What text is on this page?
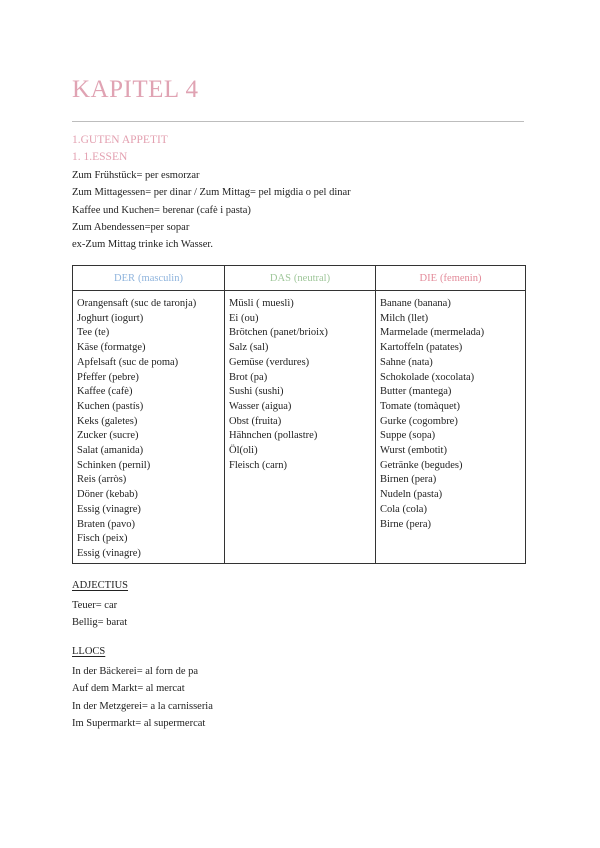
KAPITEL 4
1.GUTEN APPETIT
1. 1.ESSEN
Zum Frühstück= per esmorzar
Zum Mittagessen= per dinar / Zum Mittag= pel migdia o pel dinar
Kaffee und Kuchen= berenar (cafè i pasta)
Zum Abendessen=per sopar
ex-Zum Mittag trinke ich Wasser.
DER (masculin)	DAS (neutral)	DIE (femenin)
Orangensaft (suc de taronja)
Joghurt (iogurt)
Tee (te)
Käse (formatge)
Apfelsaft (suc de poma)
Pfeffer (pebre)
Kaffee (cafè)
Kuchen (pastís)
Keks (galetes)
Zucker (sucre)
Salat (amanida)
Schinken (pernil)
Reis (arròs)
Döner (kebab)
Essig (vinagre)
Braten (pavo)
Fisch (peix)
Essig (vinagre)
Müsli ( mueslì)
Ei (ou)
Brötchen (panet/brioix)
Salz (sal)
Gemüse (verdures)
Brot (pa)
Sushi (sushi)
Wasser (aigua)
Obst (fruita)
Hähnchen (pollastre)
Öl(oli)
Fleisch (carn)
Banane (banana)
Milch (llet)
Marmelade (mermelada)
Kartoffeln (patates)
Sahne (nata)
Schokolade (xocolata)
Butter (mantega)
Tomate (tomàquet)
Gurke (cogombre)
Suppe (sopa)
Wurst (embotit)
Getränke (begudes)
Birnen (pera)
Nudeln (pasta)
Cola (cola)
Birne (pera)
ADJECTIUS
Teuer= car
Bellig= barat
LLOCS
In der Bäckerei= al forn de pa
Auf dem Markt= al mercat
In der Metzgerei= a la carnisseria
Im Supermarkt= al supermercat
